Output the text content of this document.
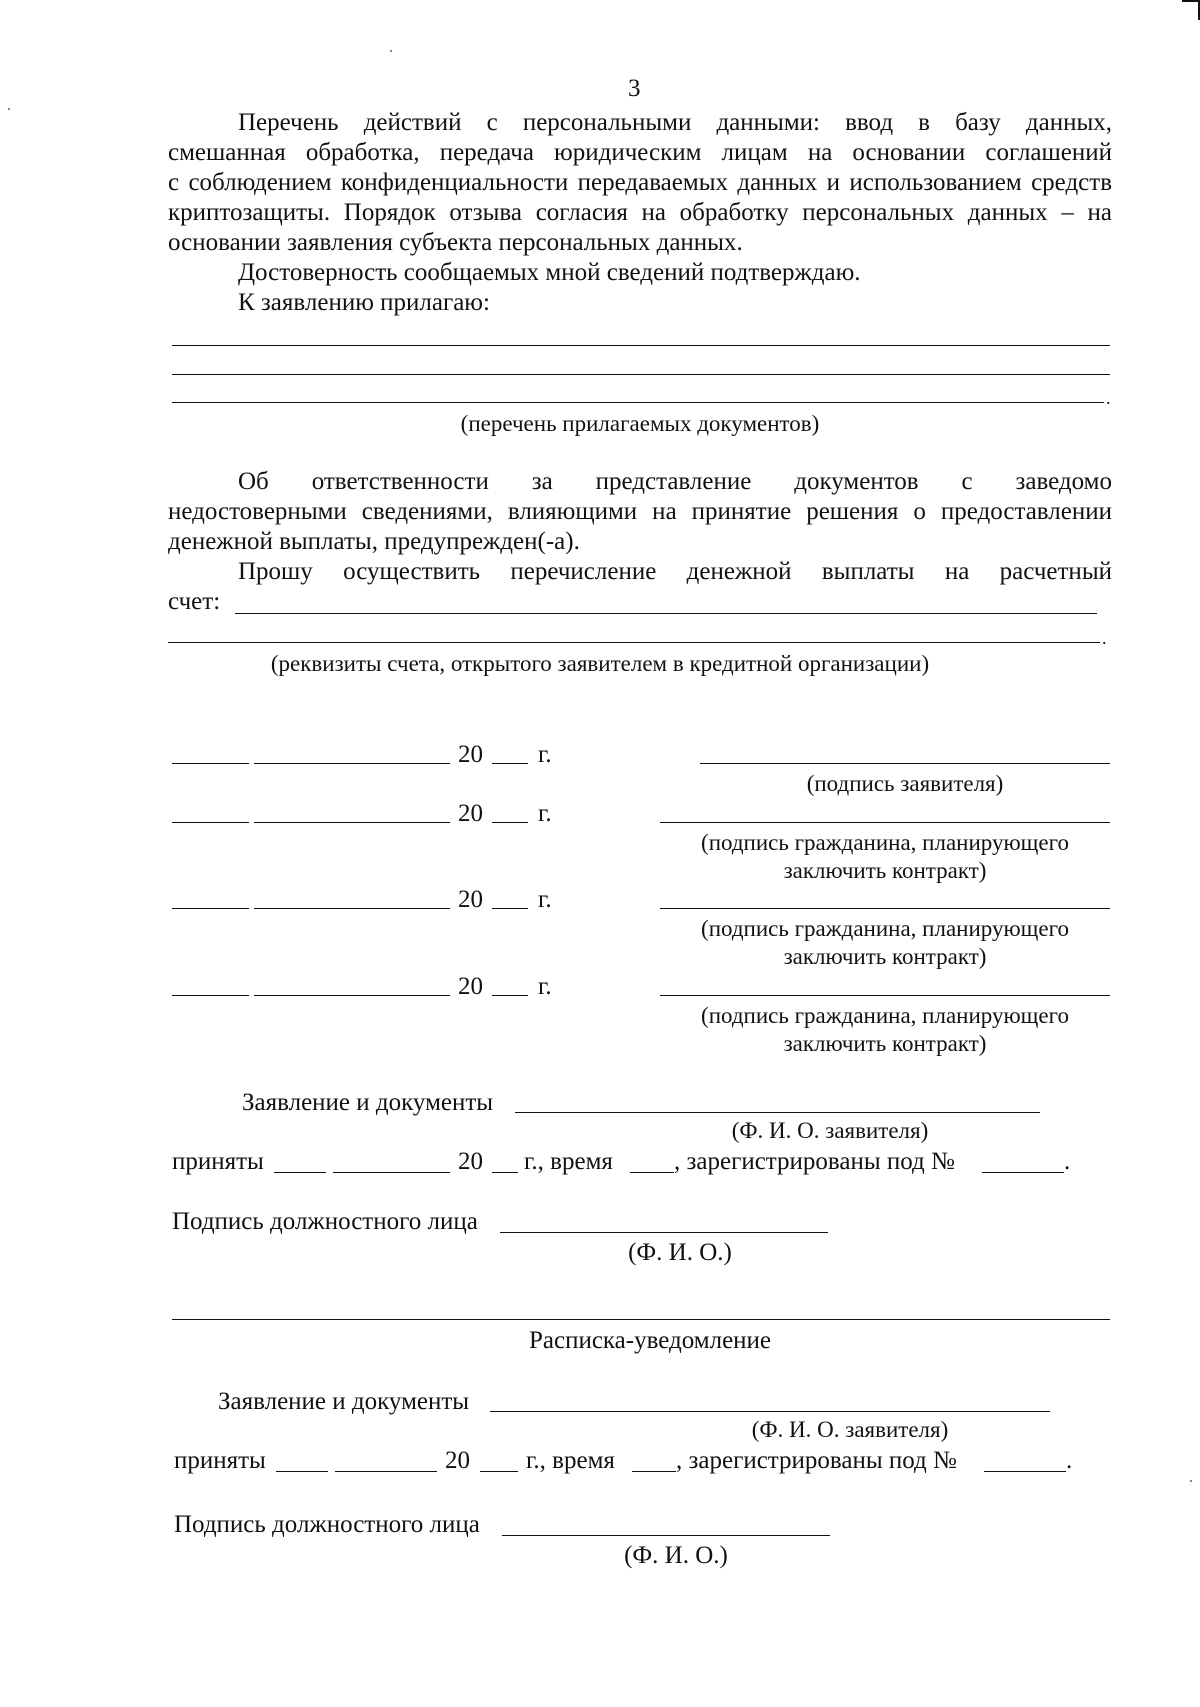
3
Перечень действий с персональными данными: ввод в базу данных,
смешанная обработка, передача юридическим лицам на основании соглашений
с соблюдением конфиденциальности передаваемых данных и использованием средств
криптозащиты. Порядок отзыва согласия на обработку персональных данных – на
основании заявления субъекта персональных данных.
Достоверность сообщаемых мной сведений подтверждаю.
К заявлению прилагаю:
.
(перечень прилагаемых документов)
Об ответственности за представление документов с заведомо
недостоверными сведениями, влияющими на принятие решения о предоставлении
денежной выплаты, предупрежден(-а).
Прошу осуществить перечисление денежной выплаты на расчетный
счет:
.
(реквизиты счета, открытого заявителем в кредитной организации)
20 г.
(подпись заявителя)
20 г.
(подпись гражданина, планирующего
заключить контракт)
20 г.
(подпись гражданина, планирующего
заключить контракт)
20 г.
(подпись гражданина, планирующего
заключить контракт)
Заявление и документы
(Ф. И. О. заявителя)
приняты	20 г., время , зарегистрированы под №	.
Подпись должностного лица
(Ф. И. О.)
Расписка-уведомление
Заявление и документы
(Ф. И. О. заявителя)
приняты	20 г., время , зарегистрированы под №	.
Подпись должностного лица
(Ф. И. О.)
